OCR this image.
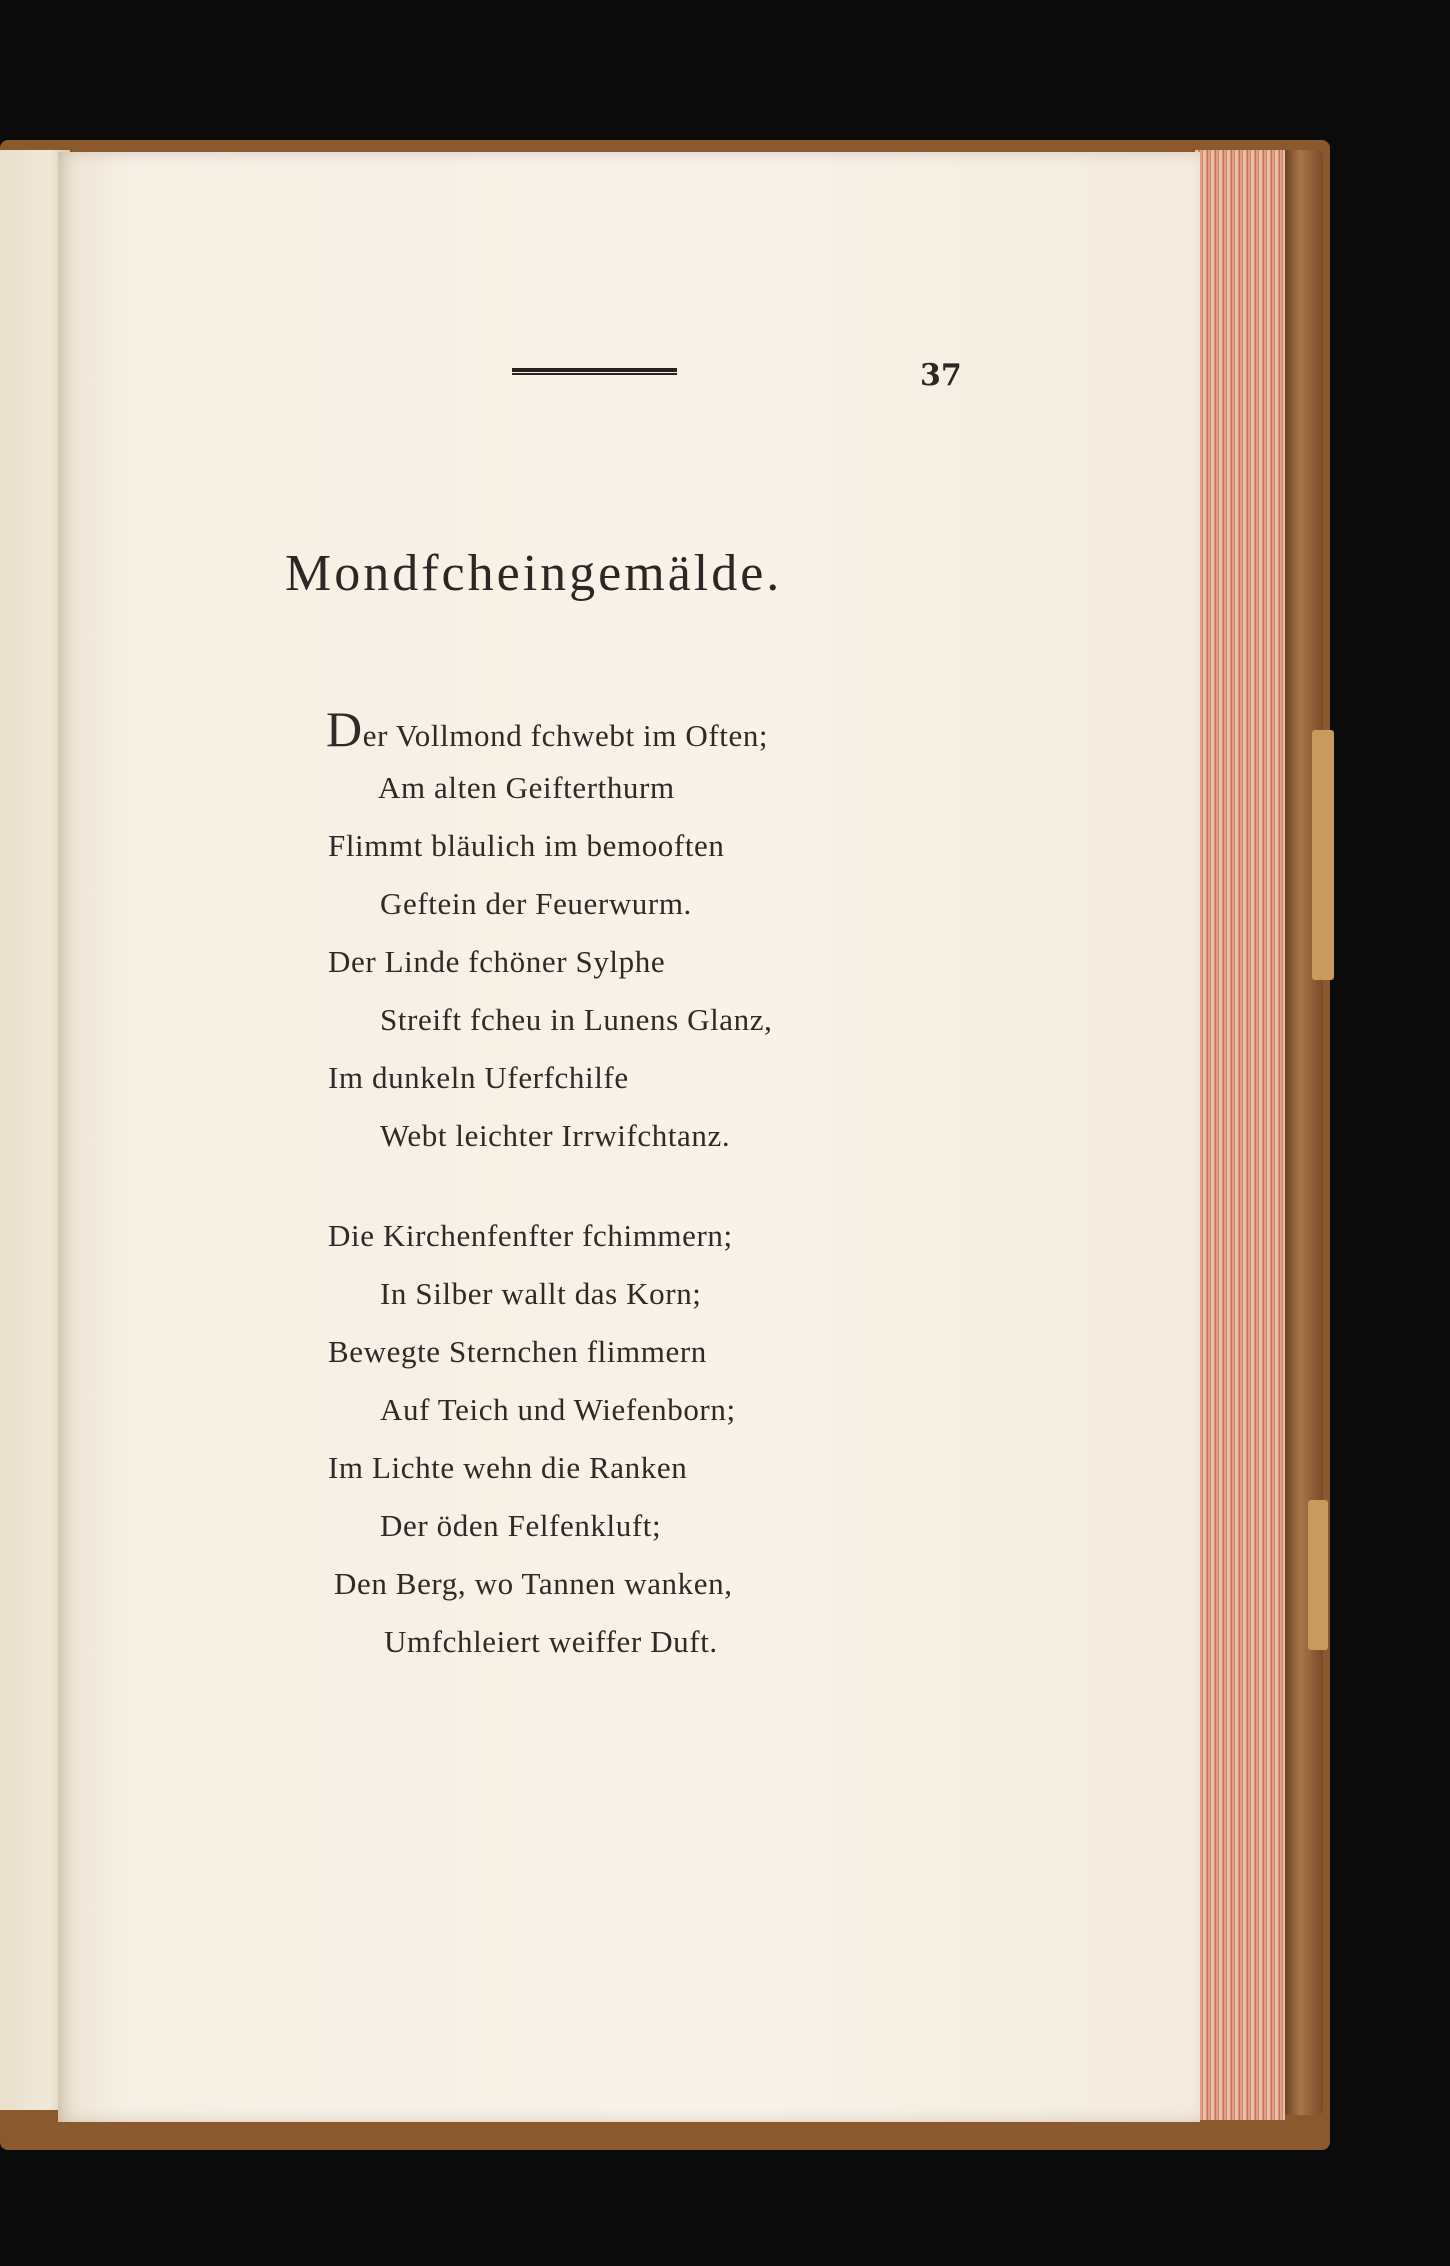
37
Mondfcheingemälde.
Der Vollmond fchwebt im Often;
Am alten Geifterthurm
Flimmt bläulich im bemooften
Geftein der Feuerwurm.
Der Linde fchöner Sylphe
Streift fcheu in Lunens Glanz,
Im dunkeln Uferfchilfe
Webt leichter Irrwifchtanz.
Die Kirchenfenfter fchimmern;
In Silber wallt das Korn;
Bewegte Sternchen flimmern
Auf Teich und Wiefenborn;
Im Lichte wehn die Ranken
Der öden Felfenkluft;
Den Berg, wo Tannen wanken,
Umfchleiert weiffer Duft.
